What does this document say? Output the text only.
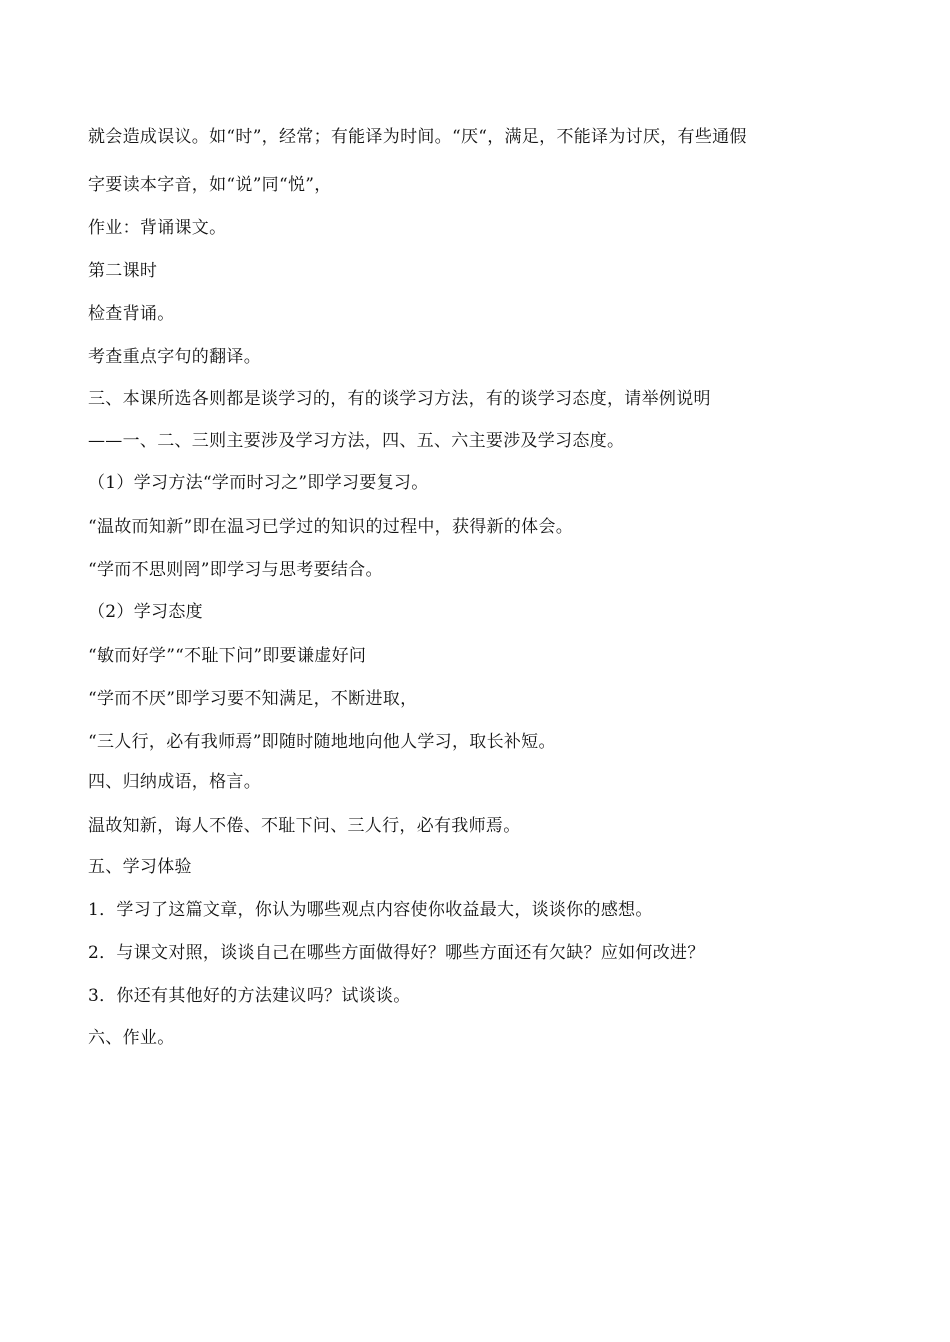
就会造成误议。如“时”，经常；有能译为时间。“厌“，满足，不能译为讨厌，有些通假
字要读本字音，如“说”同“悦”，
作业：背诵课文。
第二课时
检查背诵。
考查重点字句的翻译。
三、本课所选各则都是谈学习的，有的谈学习方法，有的谈学习态度，请举例说明
——一、二、三则主要涉及学习方法，四、五、六主要涉及学习态度。
（1）学习方法“学而时习之”即学习要复习。
“温故而知新”即在温习已学过的知识的过程中，获得新的体会。
“学而不思则罔”即学习与思考要结合。
（2）学习态度
“敏而好学”“不耻下问”即要谦虚好问
“学而不厌”即学习要不知满足，不断进取，
“三人行，必有我师焉”即随时随地地向他人学习，取长补短。
四、归纳成语，格言。
温故知新，诲人不倦、不耻下问、三人行，必有我师焉。
五、学习体验
1．学习了这篇文章，你认为哪些观点内容使你收益最大，谈谈你的感想。
2．与课文对照，谈谈自己在哪些方面做得好？哪些方面还有欠缺？应如何改进？
3．你还有其他好的方法建议吗？试谈谈。
六、作业。
